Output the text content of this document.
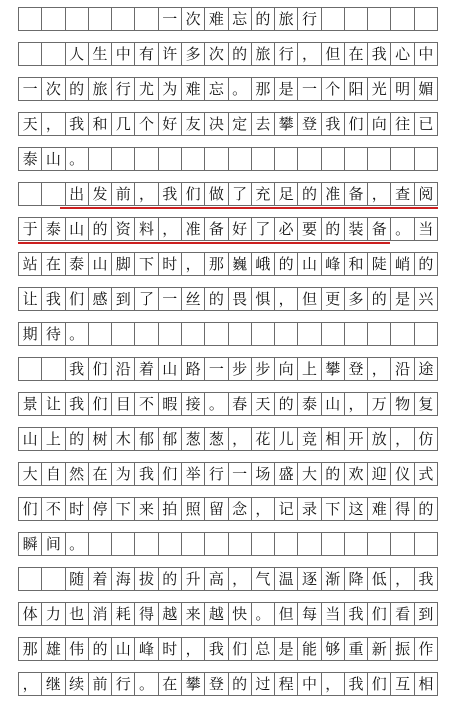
一 次 难 忘 的 旅 行
人 生 中 有 许 多 次 的 旅 行 ， 但 在 我 心 中
一 次 的 旅 行 尤 为 难 忘 。 那 是 一 个 阳 光 明 媚
天 ， 我 和 几 个 好 友 决 定 去 攀 登 我 们 向 往 已
泰 山 。
出 发 前 ， 我 们 做 了 充 足 的 准 备 ， 查 阅
于 泰 山 的 资 料 ， 准 备 好 了 必 要 的 装 备 。 当
站 在 泰 山 脚 下 时 ， 那 巍 峨 的 山 峰 和 陡 峭 的
让 我 们 感 到 了 一 丝 的 畏 惧 ， 但 更 多 的 是 兴
期 待 。
我 们 沿 着 山 路 一 步 步 向 上 攀 登 ， 沿 途
景 让 我 们 目 不 暇 接 。 春 天 的 泰 山 ， 万 物 复
山 上 的 树 木 郁 郁 葱 葱 ， 花 儿 竞 相 开 放 ， 仿
大 自 然 在 为 我 们 举 行 一 场 盛 大 的 欢 迎 仪 式
们 不 时 停 下 来 拍 照 留 念 ， 记 录 下 这 难 得 的
瞬 间 。
随 着 海 拔 的 升 高 ， 气 温 逐 渐 降 低 ， 我
体 力 也 消 耗 得 越 来 越 快 。 但 每 当 我 们 看 到
那 雄 伟 的 山 峰 时 ， 我 们 总 是 能 够 重 新 振 作
， 继 续 前 行 。 在 攀 登 的 过 程 中 ， 我 们 互 相
